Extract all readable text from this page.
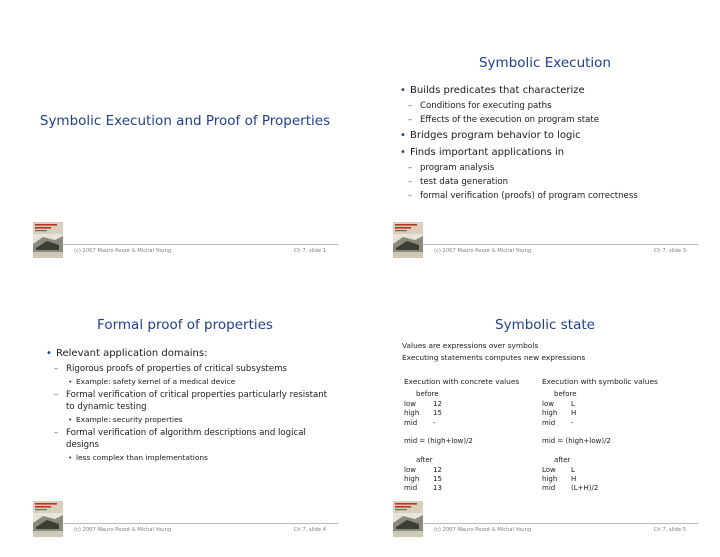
Symbolic Execution and Proof of Properties
(c) 2007 Mauro Pezzè & Michal Young	Ch 7, slide 1
Symbolic Execution
• Builds predicates that characterize
– Conditions for executing paths
– Effects of the execution on program state
• Bridges program behavior to logic
• Finds important applications in
– program analysis
– test data generation
– formal verification (proofs) of program correctness
(c) 2007 Mauro Pezzè & Michal Young	Ch 7, slide 3
Formal proof of properties
• Relevant application domains:
– Rigorous proofs of properties of critical subsystems
• Example: safety kernel of a medical device
– Formal verification of critical properties particularly resistant to dynamic testing
• Example: security properties
– Formal verification of algorithm descriptions and logical designs
• less complex than implementations
(c) 2007 Mauro Pezzè & Michal Young	Ch 7, slide 4
Symbolic state
Values are expressions over symbols
Executing statements computes new expressions
Execution with concrete values
before
low	12
high	15
mid	-
mid = (high+low)/2
after
low	12
high	15
mid	13
Execution with symbolic values
before
low	L
high	H
mid	-
mid = (high+low)/2
after
Low	L
high	H
mid	(L+H)/2
(c) 2007 Mauro Pezzè & Michal Young	Ch 7, slide 5
